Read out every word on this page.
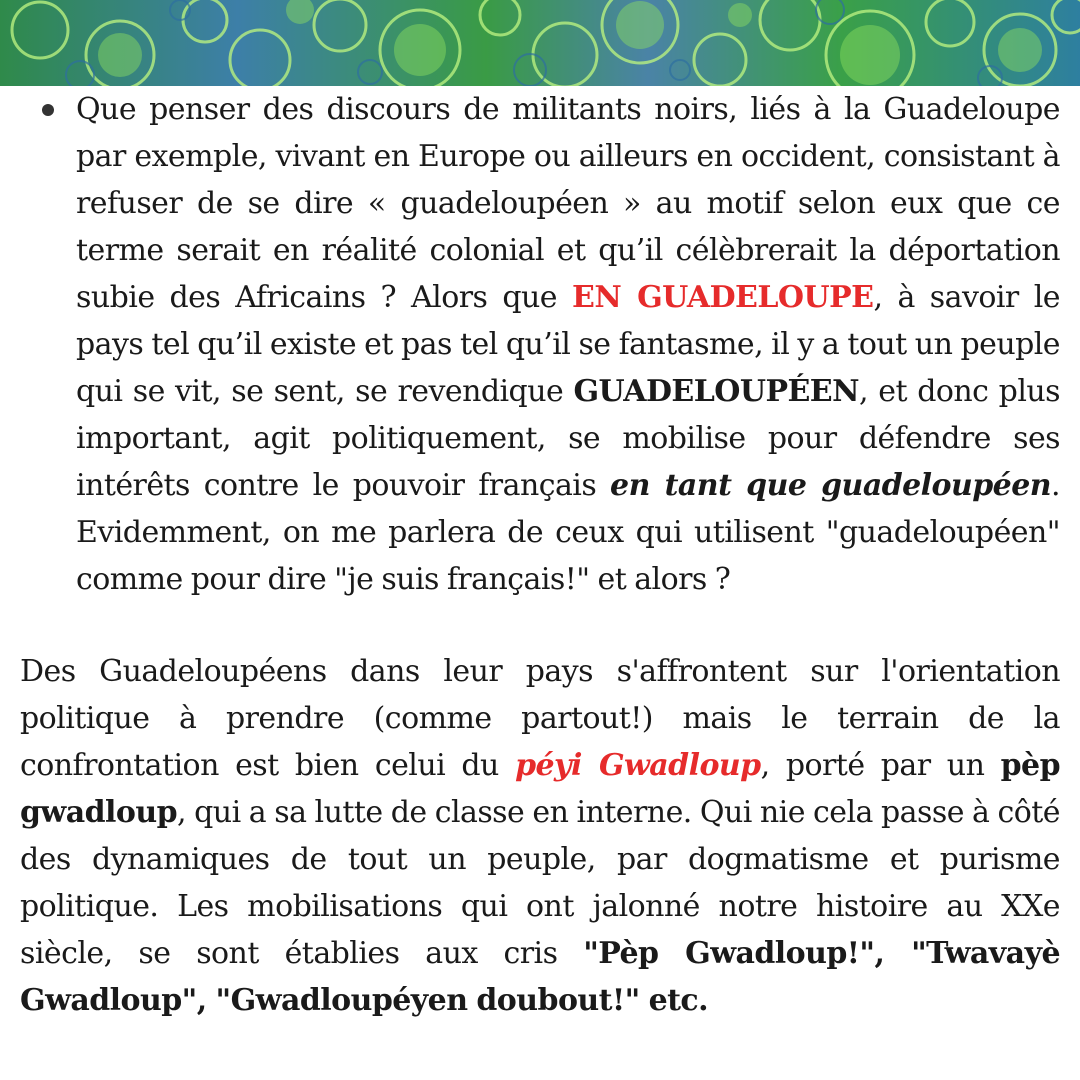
Que penser des discours de militants noirs, liés à la Guadeloupe par exemple, vivant en Europe ou ailleurs en occident, consistant à refuser de se dire « guadeloupéen » au motif selon eux que ce terme serait en réalité colonial et qu’il célèbrerait la déportation subie des Africains ? Alors que EN GUADELOUPE, à savoir le pays tel qu’il existe et pas tel qu’il se fantasme, il y a tout un peuple qui se vit, se sent, se revendique GUADELOUPÉEN, et donc plus important, agit politiquement, se mobilise pour défendre ses intérêts contre le pouvoir français en tant que guadeloupéen. Evidemment, on me parlera de ceux qui utilisent "guadeloupéen" comme pour dire "je suis français!" et alors ?

Des Guadeloupéens dans leur pays s'affrontent sur l'orientation politique à prendre (comme partout!) mais le terrain de la confrontation est bien celui du péyi Gwadloup, porté par un pèp gwadloup, qui a sa lutte de classe en interne. Qui nie cela passe à côté des dynamiques de tout un peuple, par dogmatisme et purisme politique. Les mobilisations qui ont jalonné notre histoire au XXe siècle, se sont établies aux cris "Pèp Gwadloup!", "Twavayè Gwadloup", "Gwadloupéyen doubout!" etc.
